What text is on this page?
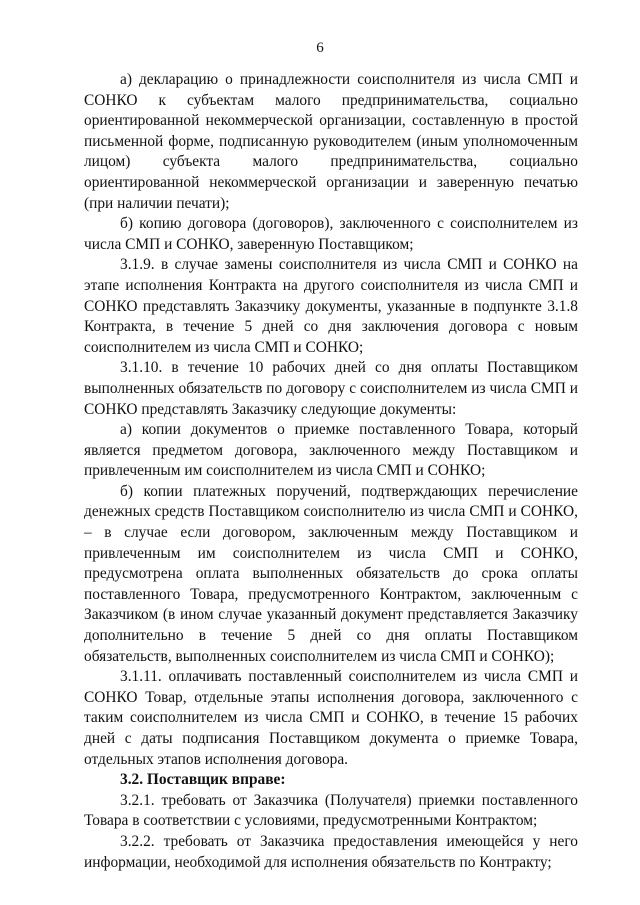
6

а) декларацию о принадлежности соисполнителя из числа СМП и СОНКО к субъектам малого предпринимательства, социально ориентированной некоммерческой организации, составленную в простой письменной форме, подписанную руководителем (иным уполномоченным лицом) субъекта малого предпринимательства, социально ориентированной некоммерческой организации и заверенную печатью (при наличии печати);

б) копию договора (договоров), заключенного с соисполнителем из числа СМП и СОНКО, заверенную Поставщиком;

3.1.9. в случае замены соисполнителя из числа СМП и СОНКО на этапе исполнения Контракта на другого соисполнителя из числа СМП и СОНКО представлять Заказчику документы, указанные в подпункте 3.1.8 Контракта, в течение 5 дней со дня заключения договора с новым соисполнителем из числа СМП и СОНКО;

3.1.10. в течение 10 рабочих дней со дня оплаты Поставщиком выполненных обязательств по договору с соисполнителем из числа СМП и СОНКО представлять Заказчику следующие документы:

а) копии документов о приемке поставленного Товара, который является предметом договора, заключенного между Поставщиком и привлеченным им соисполнителем из числа СМП и СОНКО;

б) копии платежных поручений, подтверждающих перечисление денежных средств Поставщиком соисполнителю из числа СМП и СОНКО, – в случае если договором, заключенным между Поставщиком и привлеченным им соисполнителем из числа СМП и СОНКО, предусмотрена оплата выполненных обязательств до срока оплаты поставленного Товара, предусмотренного Контрактом, заключенным с Заказчиком (в ином случае указанный документ представляется Заказчику дополнительно в течение 5 дней со дня оплаты Поставщиком обязательств, выполненных соисполнителем из числа СМП и СОНКО);

3.1.11. оплачивать поставленный соисполнителем из числа СМП и СОНКО Товар, отдельные этапы исполнения договора, заключенного с таким соисполнителем из числа СМП и СОНКО, в течение 15 рабочих дней с даты подписания Поставщиком документа о приемке Товара, отдельных этапов исполнения договора.

3.2. Поставщик вправе:

3.2.1. требовать от Заказчика (Получателя) приемки поставленного Товара в соответствии с условиями, предусмотренными Контрактом;

3.2.2. требовать от Заказчика предоставления имеющейся у него информации, необходимой для исполнения обязательств по Контракту;
